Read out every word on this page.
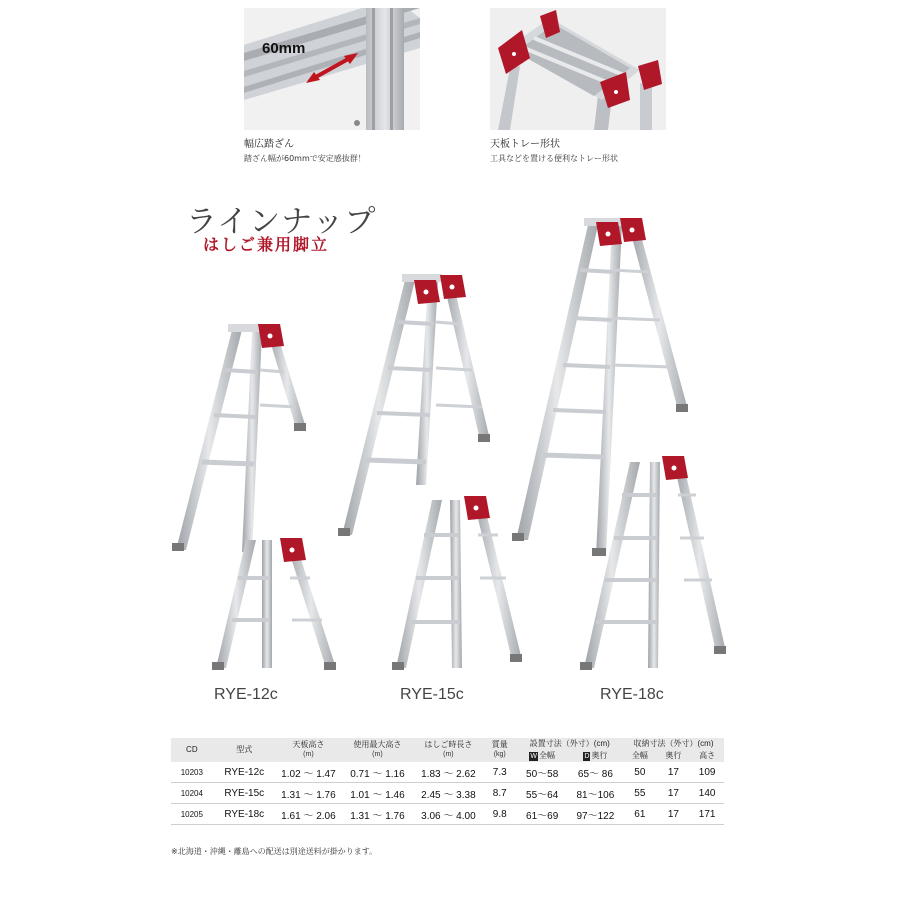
60mm
幅広踏ざん
踏ざん幅が60mmで安定感抜群！
天板トレー形状
工具などを置ける便利なトレー形状
ラインナップ
はしご兼用脚立
RYE-12c	RYE-15c	RYE-18c
CD	型式	天板高さ
(m)	使用最大高さ
(m)	はしご時長さ
(m)	質量
(kg)	設置寸法（外寸）(cm)		収納寸法（外寸）(cm)		
						W 全幅	D 奥行	全幅	奥行	高さ
10203	RYE-12c	1.02 ～ 1.47	0.71 ～ 1.16	1.83 ～ 2.62	7.3	50～58	65～ 86	50	17	109
10204	RYE-15c	1.31 ～ 1.76	1.01 ～ 1.46	2.45 ～ 3.38	8.7	55～64	81～106	55	17	140
10205	RYE-18c	1.61 ～ 2.06	1.31 ～ 1.76	3.06 ～ 4.00	9.8	61～69	97～122	61	17	171
※北海道・沖縄・離島への配送は別途送料が掛かります。
